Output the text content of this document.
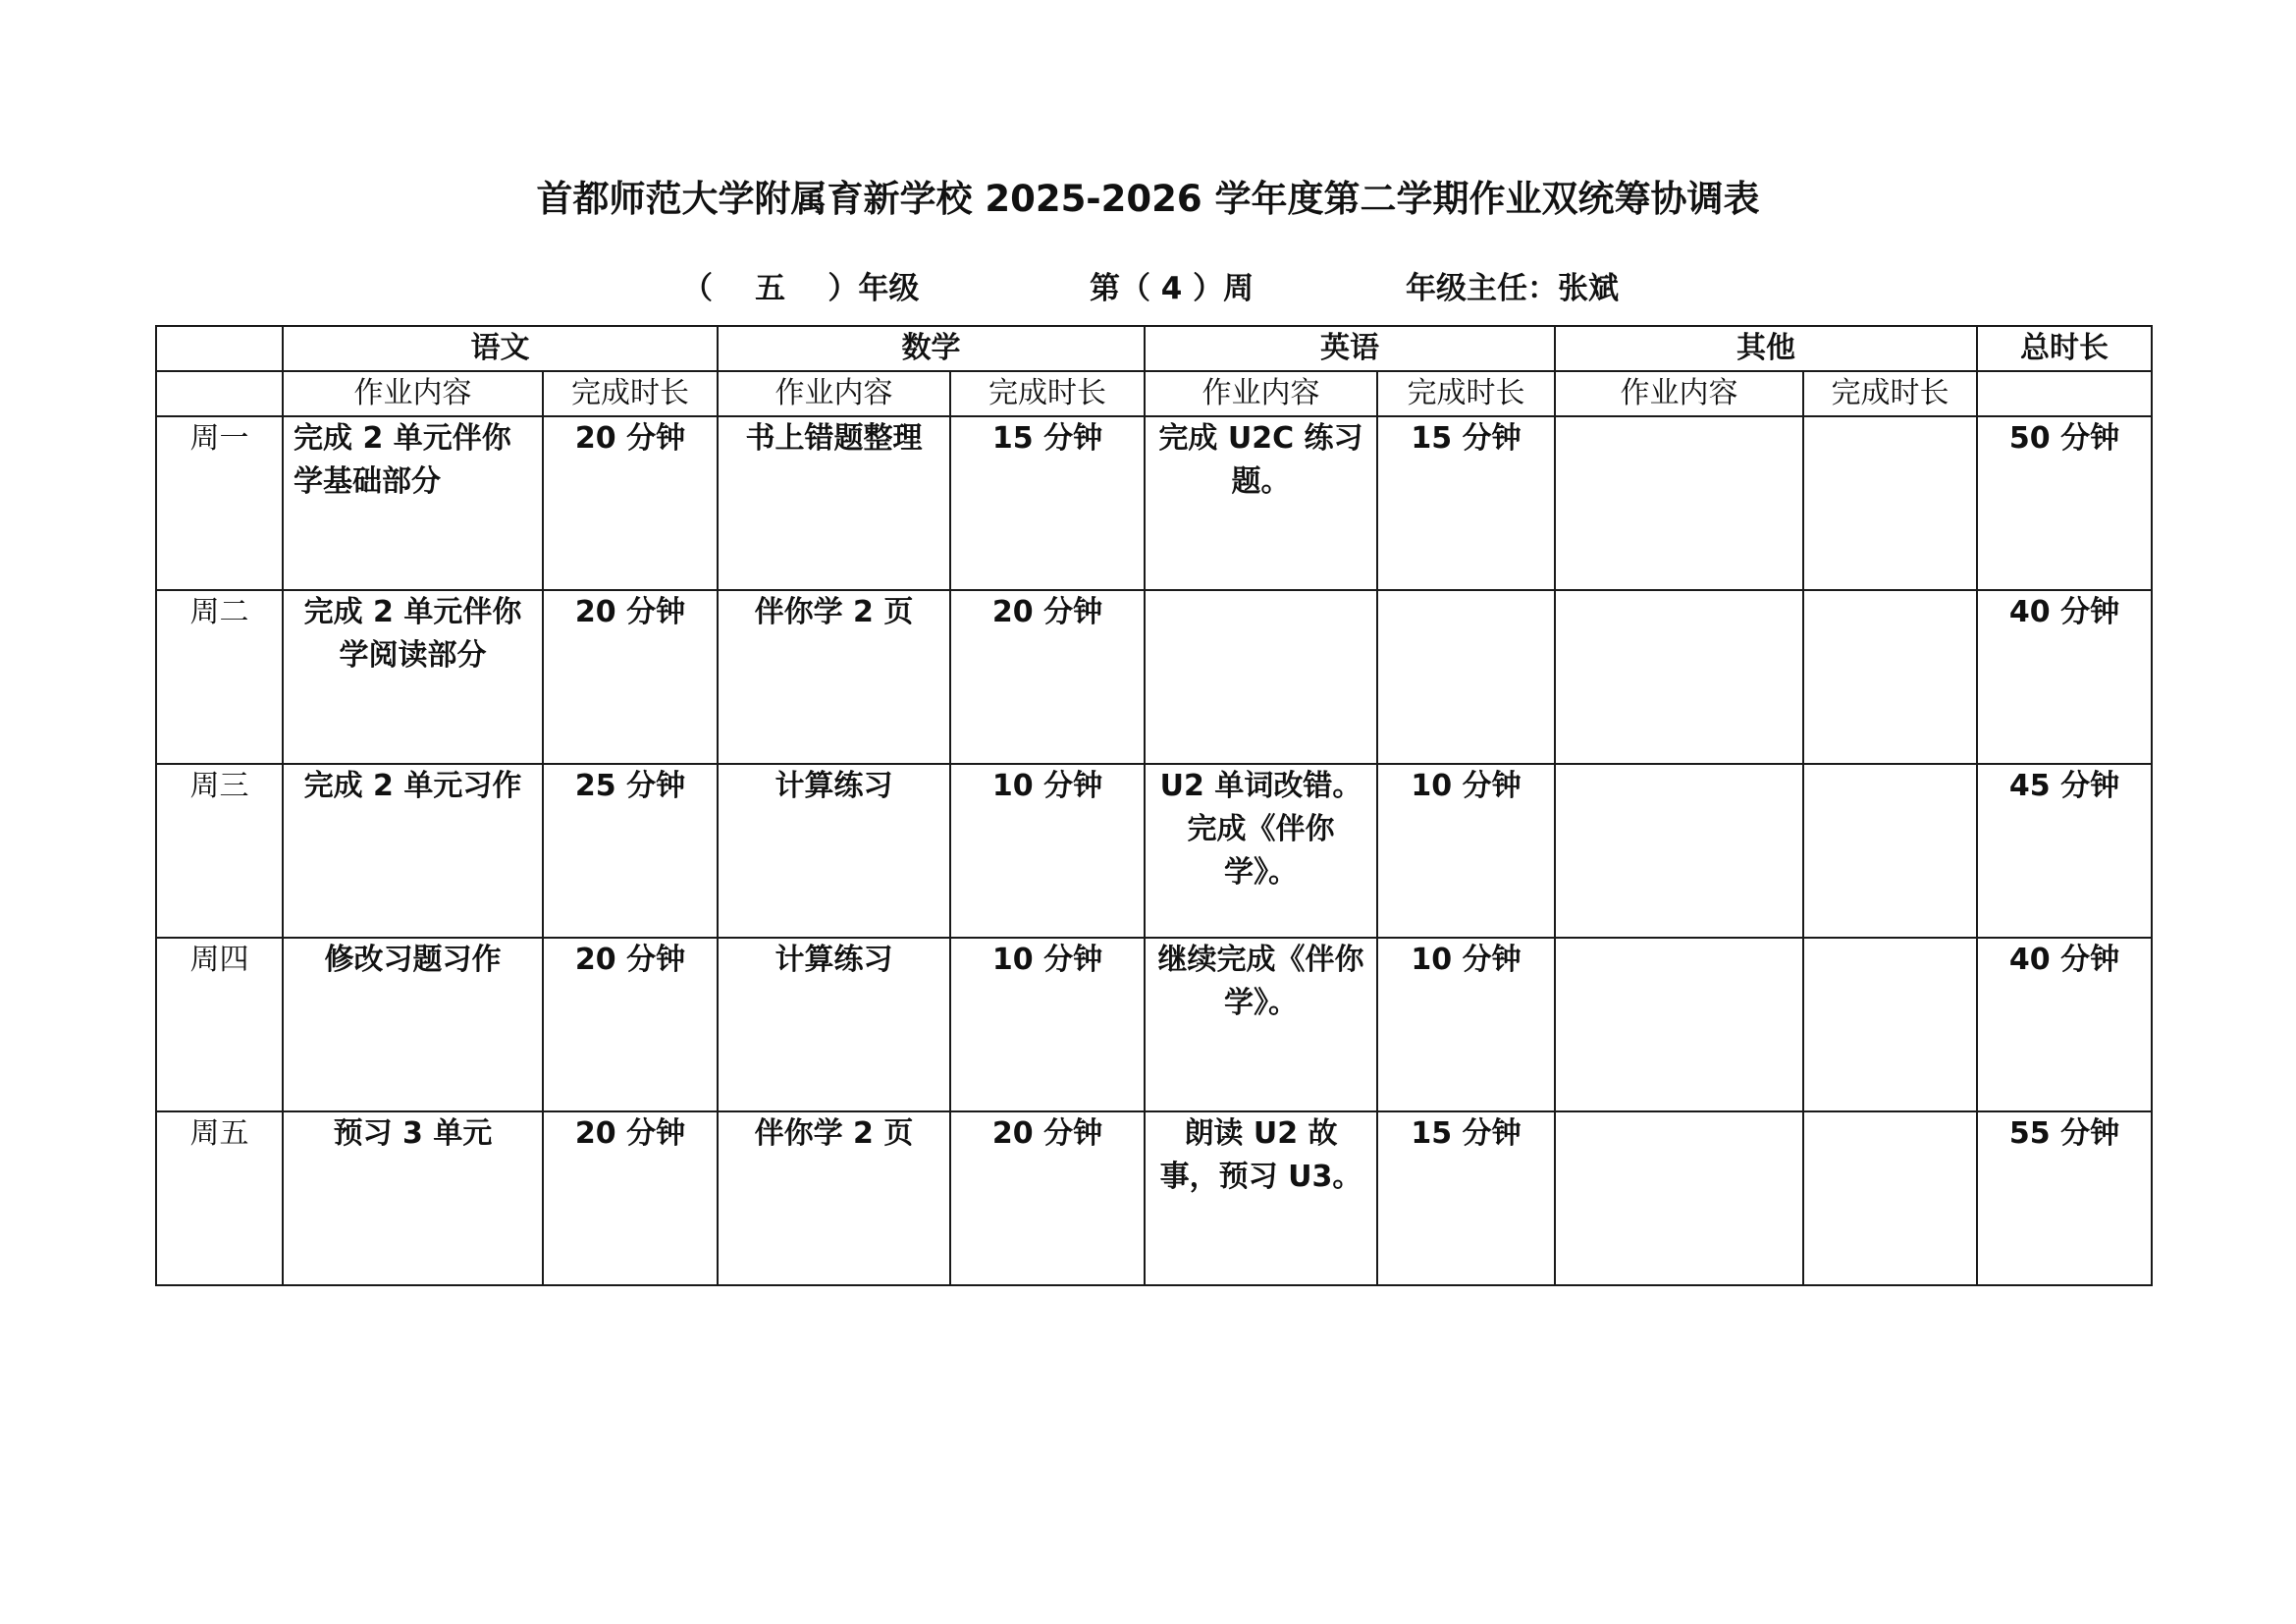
首都师范大学附属育新学校 2025-2026 学年度第二学期作业双统筹协调表
（    五    ）年级	第（ 4 ）周	年级主任：张斌
	语文		数学		英语		其他		总时长
	作业内容	完成时长	作业内容	完成时长	作业内容	完成时长	作业内容	完成时长	
周一	完成 2 单元伴你学基础部分	20 分钟	书上错题整理	15 分钟	完成 U2C 练习题。	15 分钟			50 分钟
周二	完成 2 单元伴你学阅读部分	20 分钟	伴你学 2 页	20 分钟					40 分钟
周三	完成 2 单元习作	25 分钟	计算练习	10 分钟	U2 单词改错。完成《伴你学》。	10 分钟			45 分钟
周四	修改习题习作	20 分钟	计算练习	10 分钟	继续完成《伴你学》。	10 分钟			40 分钟
周五	预习 3 单元	20 分钟	伴你学 2 页	20 分钟	朗读 U2 故事，预习 U3。	15 分钟			55 分钟
